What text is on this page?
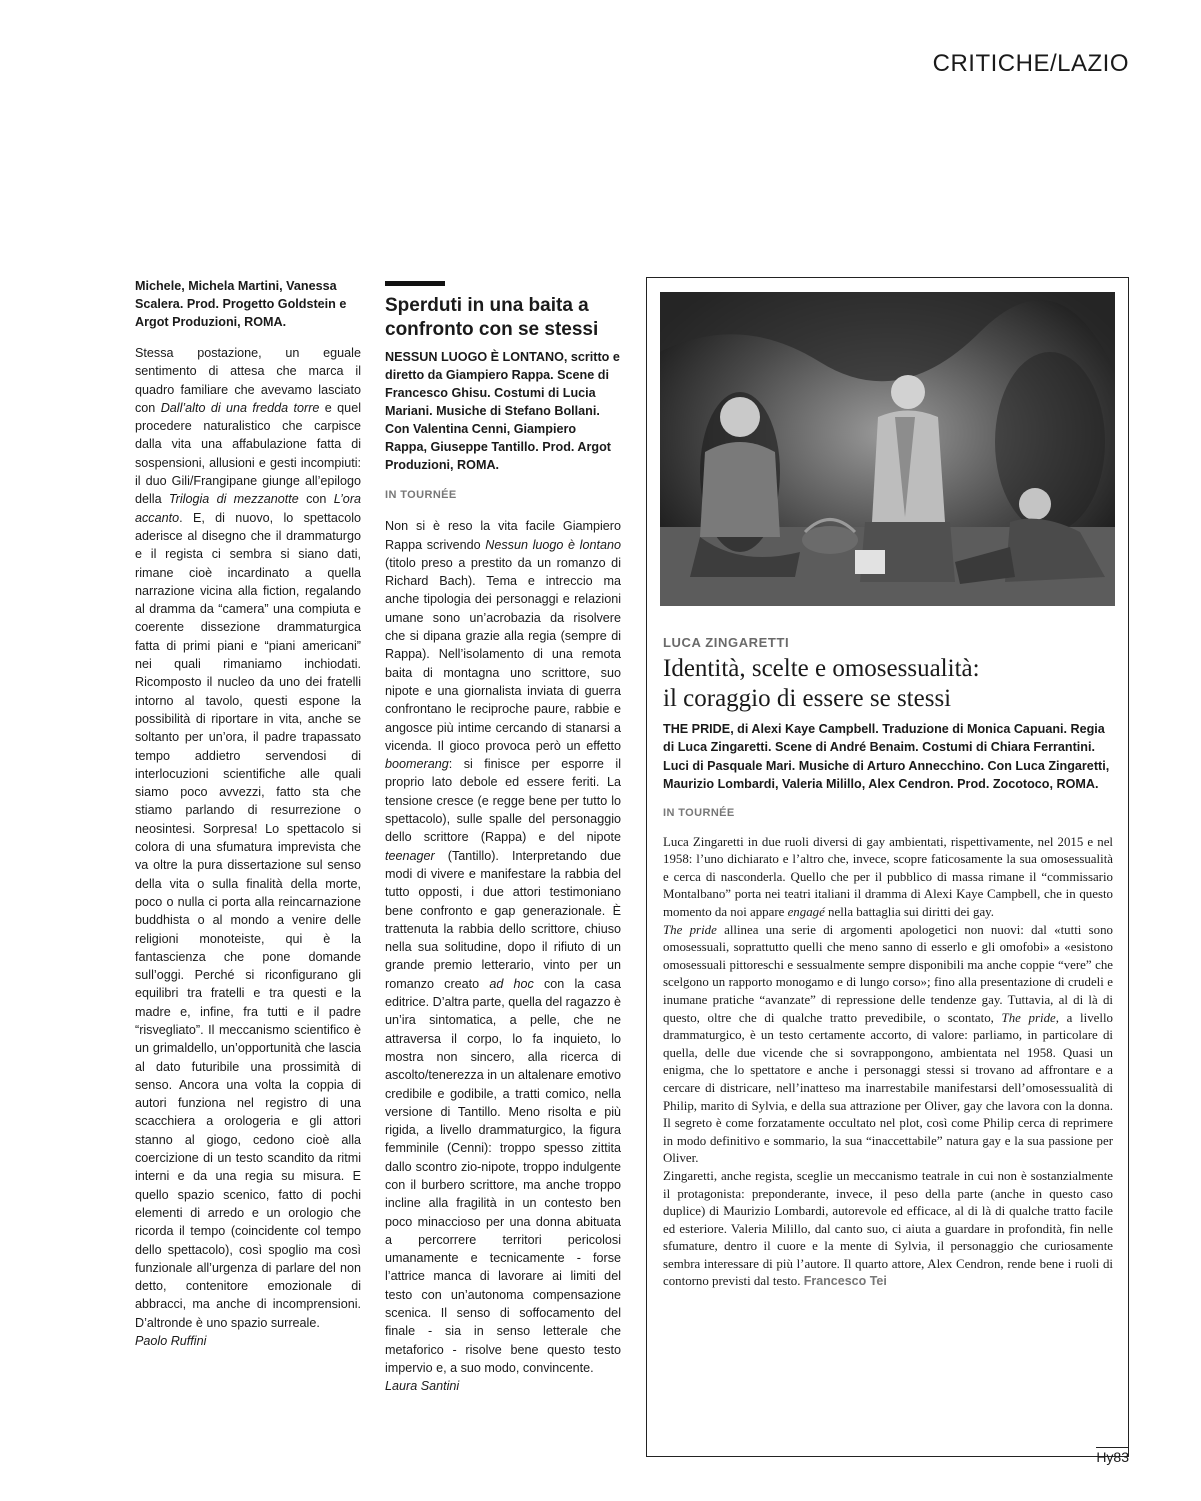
CRITICHE/LAZIO

Michele, Michela Martini, Vanessa Scalera. Prod. Progetto Goldstein e Argot Produzioni, ROMA.

Stessa postazione, un eguale sentimento di attesa che marca il quadro familiare che avevamo lasciato con Dall’alto di una fredda torre e quel procedere naturalistico che carpisce dalla vita una affabulazione fatta di sospensioni, allusioni e gesti incompiuti: il duo Gili/Frangipane giunge all’epilogo della Trilogia di mezzanotte con L’ora accanto. E, di nuovo, lo spettacolo aderisce al disegno che il drammaturgo e il regista ci sembra si siano dati, rimane cioè incardinato a quella narrazione vicina alla fiction, regalando al dramma da “camera” una compiuta e coerente dissezione drammaturgica fatta di primi piani e “piani americani” nei quali rimaniamo inchiodati. Ricomposto il nucleo da uno dei fratelli intorno al tavolo, questi espone la possibilità di riportare in vita, anche se soltanto per un’ora, il padre trapassato tempo addietro servendosi di interlocuzioni scientifiche alle quali siamo poco avvezzi, fatto sta che stiamo parlando di resurrezione o neosintesi. Sorpresa! Lo spettacolo si colora di una sfumatura imprevista che va oltre la pura dissertazione sul senso della vita o sulla finalità della morte, poco o nulla ci porta alla reincarnazione buddhista o al mondo a venire delle religioni monoteiste, qui è la fantascienza che pone domande sull’oggi. Perché si riconfigurano gli equilibri tra fratelli e tra questi e la madre e, infine, fra tutti e il padre “risvegliato”. Il meccanismo scientifico è un grimaldello, un’opportunità che lascia al dato futuribile una prossimità di senso. Ancora una volta la coppia di autori funziona nel registro di una scacchiera a orologeria e gli attori stanno al giogo, cedono cioè alla coercizione di un testo scandito da ritmi interni e da una regia su misura. E quello spazio scenico, fatto di pochi elementi di arredo e un orologio che ricorda il tempo (coincidente col tempo dello spettacolo), così spoglio ma così funzionale all’urgenza di parlare del non detto, contenitore emozionale di abbracci, ma anche di incomprensioni. D’altronde è uno spazio surreale.

Paolo Ruffini

Sperduti in una baita a confronto con se stessi

NESSUN LUOGO È LONTANO, scritto e diretto da Giampiero Rappa. Scene di Francesco Ghisu. Costumi di Lucia Mariani. Musiche di Stefano Bollani. Con Valentina Cenni, Giampiero Rappa, Giuseppe Tantillo. Prod. Argot Produzioni, ROMA.

IN TOURNÉE

Non si è reso la vita facile Giampiero Rappa scrivendo Nessun luogo è lontano (titolo preso a prestito da un romanzo di Richard Bach). Tema e intreccio ma anche tipologia dei personaggi e relazioni umane sono un’acrobazia da risolvere che si dipana grazie alla regia (sempre di Rappa). Nell’isolamento di una remota baita di montagna uno scrittore, suo nipote e una giornalista inviata di guerra confrontano le reciproche paure, rabbie e angosce più intime cercando di stanarsi a vicenda. Il gioco provoca però un effetto boomerang: si finisce per esporre il proprio lato debole ed essere feriti. La tensione cresce (e regge bene per tutto lo spettacolo), sulle spalle del personaggio dello scrittore (Rappa) e del nipote teenager (Tantillo). Interpretando due modi di vivere e manifestare la rabbia del tutto opposti, i due attori testimoniano bene confronto e gap generazionale. È trattenuta la rabbia dello scrittore, chiuso nella sua solitudine, dopo il rifiuto di un grande premio letterario, vinto per un romanzo creato ad hoc con la casa editrice. D’altra parte, quella del ragazzo è un’ira sintomatica, a pelle, che ne attraversa il corpo, lo fa inquieto, lo mostra non sincero, alla ricerca di ascolto/tenerezza in un altalenare emotivo credibile e godibile, a tratti comico, nella versione di Tantillo. Meno risolta e più rigida, a livello drammaturgico, la figura femminile (Cenni): troppo spesso zittita dallo scontro zio-nipote, troppo indulgente con il burbero scrittore, ma anche troppo incline alla fragilità in un contesto ben poco minaccioso per una donna abituata a percorrere territori pericolosi umanamente e tecnicamente - forse l’attrice manca di lavorare ai limiti del testo con un’autonoma compensazione scenica. Il senso di soffocamento del finale - sia in senso letterale che metaforico - risolve bene questo testo impervio e, a suo modo, convincente.

Laura Santini

LUCA ZINGARETTI
Identità, scelte e omosessualità:
il coraggio di essere se stessi

THE PRIDE, di Alexi Kaye Campbell. Traduzione di Monica Capuani. Regia di Luca Zingaretti. Scene di André Benaim. Costumi di Chiara Ferrantini. Luci di Pasquale Mari. Musiche di Arturo Annecchino. Con Luca Zingaretti, Maurizio Lombardi, Valeria Milillo, Alex Cendron. Prod. Zocotoco, ROMA.

IN TOURNÉE

Luca Zingaretti in due ruoli diversi di gay ambientati, rispettivamente, nel 2015 e nel 1958: l’uno dichiarato e l’altro che, invece, scopre faticosamente la sua omosessualità e cerca di nasconderla. Quello che per il pubblico di massa rimane il “commissario Montalbano” porta nei teatri italiani il dramma di Alexi Kaye Campbell, che in questo momento da noi appare engagé nella battaglia sui diritti dei gay.

The pride allinea una serie di argomenti apologetici non nuovi: dal «tutti sono omosessuali, soprattutto quelli che meno sanno di esserlo e gli omofobi» a «esistono omosessuali pittoreschi e sessualmente sempre disponibili ma anche coppie “vere” che scelgono un rapporto monogamo e di lungo corso»; fino alla presentazione di crudeli e inumane pratiche “avanzate” di repressione delle tendenze gay. Tuttavia, al di là di questo, oltre che di qualche tratto prevedibile, o scontato, The pride, a livello drammaturgico, è un testo certamente accorto, di valore: parliamo, in particolare di quella, delle due vicende che si sovrappongono, ambientata nel 1958. Quasi un enigma, che lo spettatore e anche i personaggi stessi si trovano ad affrontare e a cercare di districare, nell’inatteso ma inarrestabile manifestarsi dell’omosessualità di Philip, marito di Sylvia, e della sua attrazione per Oliver, gay che lavora con la donna. Il segreto è come forzatamente occultato nel plot, così come Philip cerca di reprimere in modo definitivo e sommario, la sua “inaccettabile” natura gay e la sua passione per Oliver.

Zingaretti, anche regista, sceglie un meccanismo teatrale in cui non è sostanzialmente il protagonista: preponderante, invece, il peso della parte (anche in questo caso duplice) di Maurizio Lombardi, autorevole ed efficace, al di là di qualche tratto facile ed esteriore. Valeria Milillo, dal canto suo, ci aiuta a guardare in profondità, fin nelle sfumature, dentro il cuore e la mente di Sylvia, il personaggio che curiosamente sembra interessare di più l’autore. Il quarto attore, Alex Cendron, rende bene i ruoli di contorno previsti dal testo. Francesco Tei

Hy83
